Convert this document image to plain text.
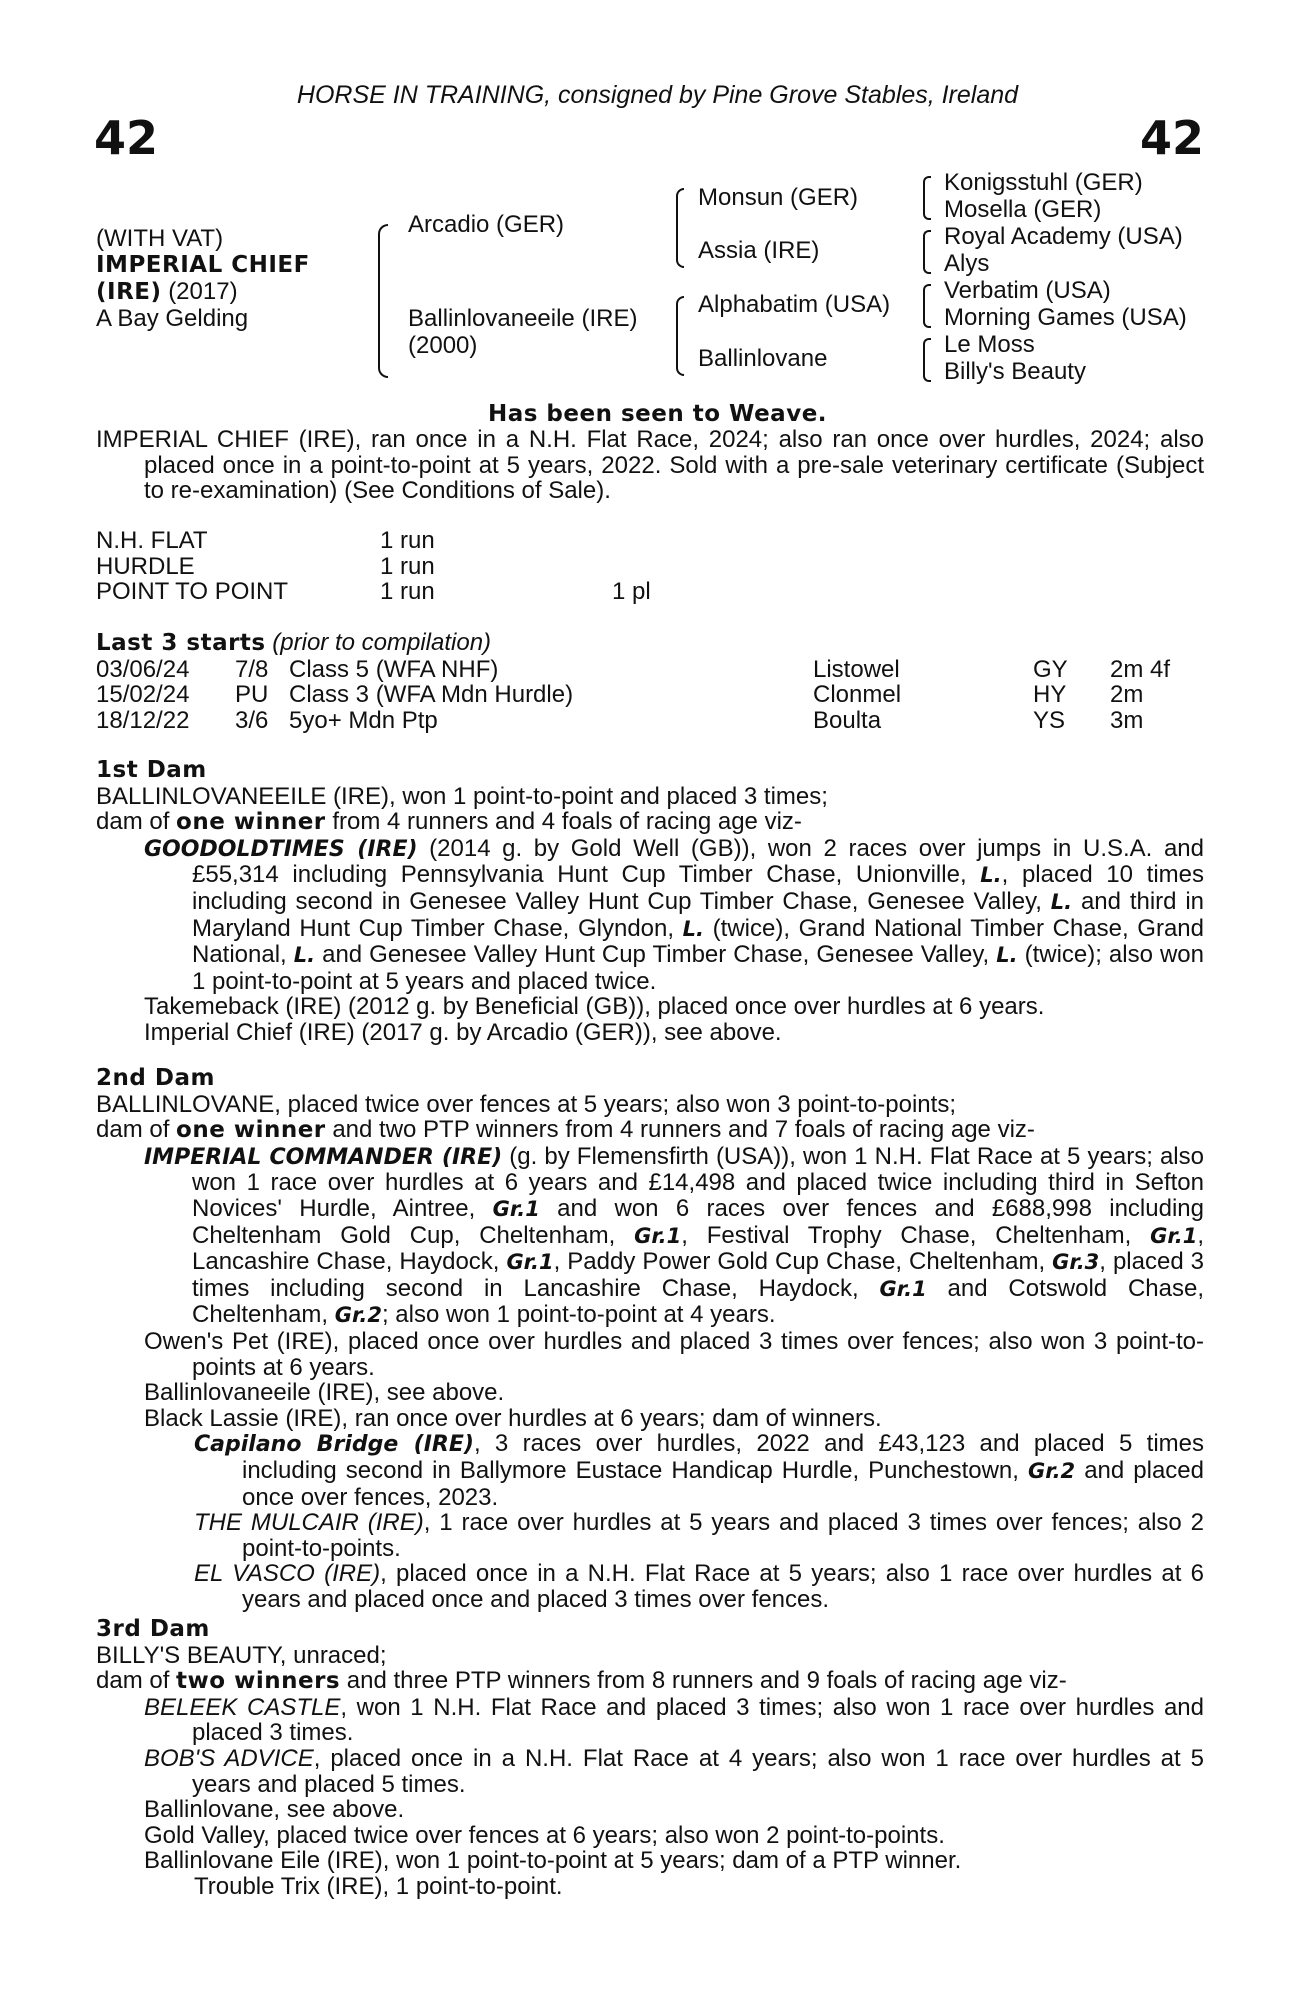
HORSE IN TRAINING, consigned by Pine Grove Stables, Ireland
42	42
(WITH VAT)
IMPERIAL CHIEF
(IRE) (2017)
A Bay Gelding
Arcadio (GER)
Ballinlovaneeile (IRE)
(2000)
Monsun (GER)
Assia (IRE)
Alphabatim (USA)
Ballinlovane
Konigsstuhl (GER)
Mosella (GER)
Royal Academy (USA)
Alys
Verbatim (USA)
Morning Games (USA)
Le Moss
Billy's Beauty
Has been seen to Weave.

IMPERIAL CHIEF (IRE), ran once in a N.H. Flat Race, 2024; also ran once over hurdles, 2024; also placed once in a point-to-point at 5 years, 2022. Sold with a pre-sale veterinary certificate (Subject to re-examination) (See Conditions of Sale).

N.H. FLAT	1 run	
HURDLE	1 run	
POINT TO POINT	1 run	1 pl

Last 3 starts (prior to compilation)

03/06/24	7/8	Class 5 (WFA NHF)	Listowel	GY	2m 4f
15/02/24	PU	Class 3 (WFA Mdn Hurdle)	Clonmel	HY	2m
18/12/22	3/6	5yo+ Mdn Ptp	Boulta	YS	3m

1st Dam

BALLINLOVANEEILE (IRE), won 1 point-to-point and placed 3 times;

dam of one winner from 4 runners and 4 foals of racing age viz-

GOODOLDTIMES (IRE) (2014 g. by Gold Well (GB)), won 2 races over jumps in U.S.A. and £55,314 including Pennsylvania Hunt Cup Timber Chase, Unionville, L., placed 10 times including second in Genesee Valley Hunt Cup Timber Chase, Genesee Valley, L. and third in Maryland Hunt Cup Timber Chase, Glyndon, L. (twice), Grand National Timber Chase, Grand National, L. and Genesee Valley Hunt Cup Timber Chase, Genesee Valley, L. (twice); also won 1 point-to-point at 5 years and placed twice.

Takemeback (IRE) (2012 g. by Beneficial (GB)), placed once over hurdles at 6 years.

Imperial Chief (IRE) (2017 g. by Arcadio (GER)), see above.

2nd Dam

BALLINLOVANE, placed twice over fences at 5 years; also won 3 point-to-points;

dam of one winner and two PTP winners from 4 runners and 7 foals of racing age viz-

IMPERIAL COMMANDER (IRE) (g. by Flemensfirth (USA)), won 1 N.H. Flat Race at 5 years; also won 1 race over hurdles at 6 years and £14,498 and placed twice including third in Sefton Novices' Hurdle, Aintree, Gr.1 and won 6 races over fences and £688,998 including Cheltenham Gold Cup, Cheltenham, Gr.1, Festival Trophy Chase, Cheltenham, Gr.1, Lancashire Chase, Haydock, Gr.1, Paddy Power Gold Cup Chase, Cheltenham, Gr.3, placed 3 times including second in Lancashire Chase, Haydock, Gr.1 and Cotswold Chase, Cheltenham, Gr.2; also won 1 point-to-point at 4 years.

Owen's Pet (IRE), placed once over hurdles and placed 3 times over fences; also won 3 point-to-points at 6 years.

Ballinlovaneeile (IRE), see above.

Black Lassie (IRE), ran once over hurdles at 6 years; dam of winners.

Capilano Bridge (IRE), 3 races over hurdles, 2022 and £43,123 and placed 5 times including second in Ballymore Eustace Handicap Hurdle, Punchestown, Gr.2 and placed once over fences, 2023.

THE MULCAIR (IRE), 1 race over hurdles at 5 years and placed 3 times over fences; also 2 point-to-points.

EL VASCO (IRE), placed once in a N.H. Flat Race at 5 years; also 1 race over hurdles at 6 years and placed once and placed 3 times over fences.

3rd Dam

BILLY'S BEAUTY, unraced;

dam of two winners and three PTP winners from 8 runners and 9 foals of racing age viz-

BELEEK CASTLE, won 1 N.H. Flat Race and placed 3 times; also won 1 race over hurdles and placed 3 times.

BOB'S ADVICE, placed once in a N.H. Flat Race at 4 years; also won 1 race over hurdles at 5 years and placed 5 times.

Ballinlovane, see above.

Gold Valley, placed twice over fences at 6 years; also won 2 point-to-points.

Ballinlovane Eile (IRE), won 1 point-to-point at 5 years; dam of a PTP winner.

Trouble Trix (IRE), 1 point-to-point.
